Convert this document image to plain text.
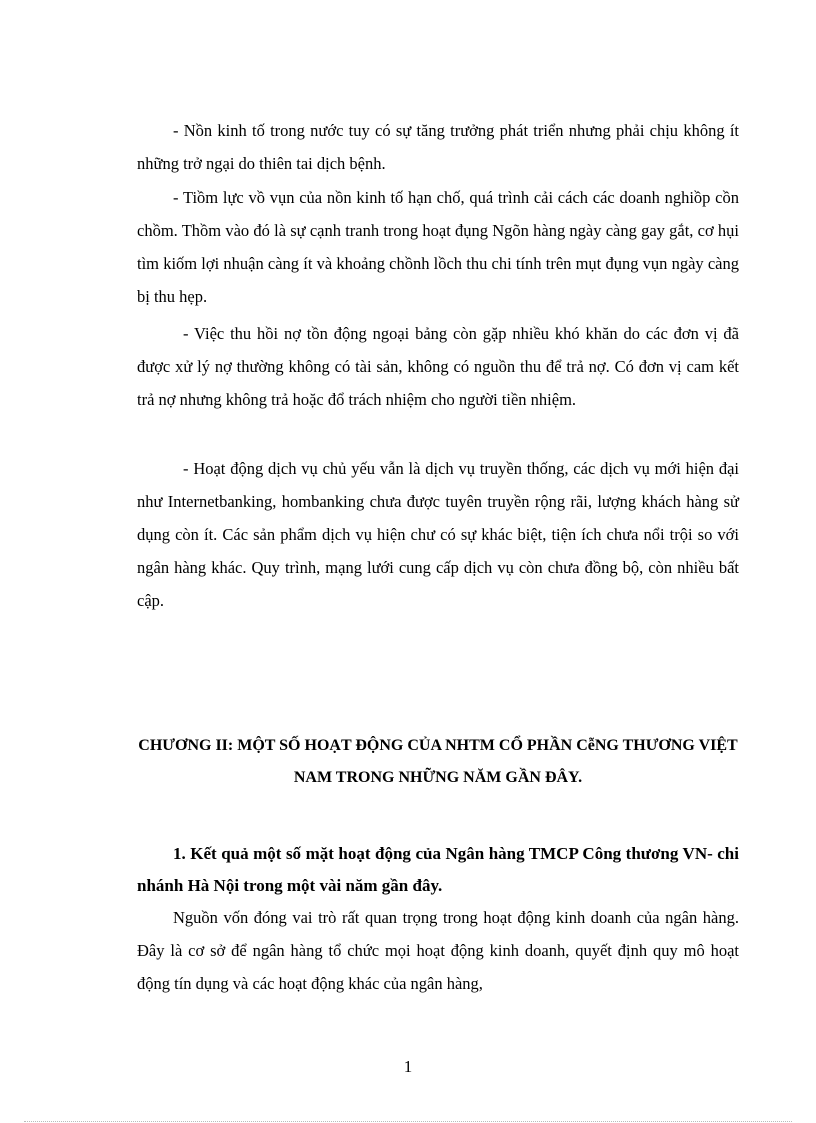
- Nồn kinh tố trong nước tuy có sự tăng trưởng phát triển nhưng phải chịu không ít những trở ngại do thiên tai dịch bệnh.

- Tiồm lực vồ vụn của nồn kinh tố hạn chố, quá trình cải cách các doanh nghiồp cồn chồm. Thồm vào đó là sự cạnh tranh trong hoạt đụng Ngõn hàng ngày càng gay gắt, cơ hụi tìm kiốm lợi nhuận càng ít và khoảng chồnh lồch thu chi tính trên mụt đụng vụn ngày càng bị thu hẹp.

- Việc thu hồi nợ tồn động ngoại bảng còn gặp nhiều khó khăn do các đơn vị đã được xử lý nợ thường không có tài sản, không có nguồn thu để trả nợ. Có đơn vị cam kết trả nợ nhưng không trả hoặc đổ trách nhiệm cho người tiền nhiệm.

- Hoạt động dịch vụ chủ yếu vẫn là dịch vụ truyền thống, các dịch vụ mới hiện đại như Internetbanking, hombanking chưa được tuyên truyền rộng rãi, lượng khách hàng sử dụng còn ít. Các sản phẩm dịch vụ hiện chư có sự khác biệt, tiện ích chưa nổi trội so với ngân hàng khác. Quy trình, mạng lưới cung cấp dịch vụ còn chưa đồng bộ, còn nhiều bất cập.

CHƯƠNG II: MỘT SỐ HOẠT ĐỘNG CỦA NHTM CỔ PHẦN CễNG THƯƠNG VIỆT NAM TRONG NHỮNG NĂM GẦN ĐÂY.
1. Kết quả một số mặt hoạt động của Ngân hàng TMCP Công thương VN- chi nhánh Hà Nội trong một vài năm gần đây.

Nguồn vốn đóng vai trò rất quan trọng trong hoạt động kinh doanh của ngân hàng. Đây là cơ sở để ngân hàng tổ chức mọi hoạt động kinh doanh, quyết định quy mô hoạt động tín dụng và các hoạt động khác của ngân hàng,

1
